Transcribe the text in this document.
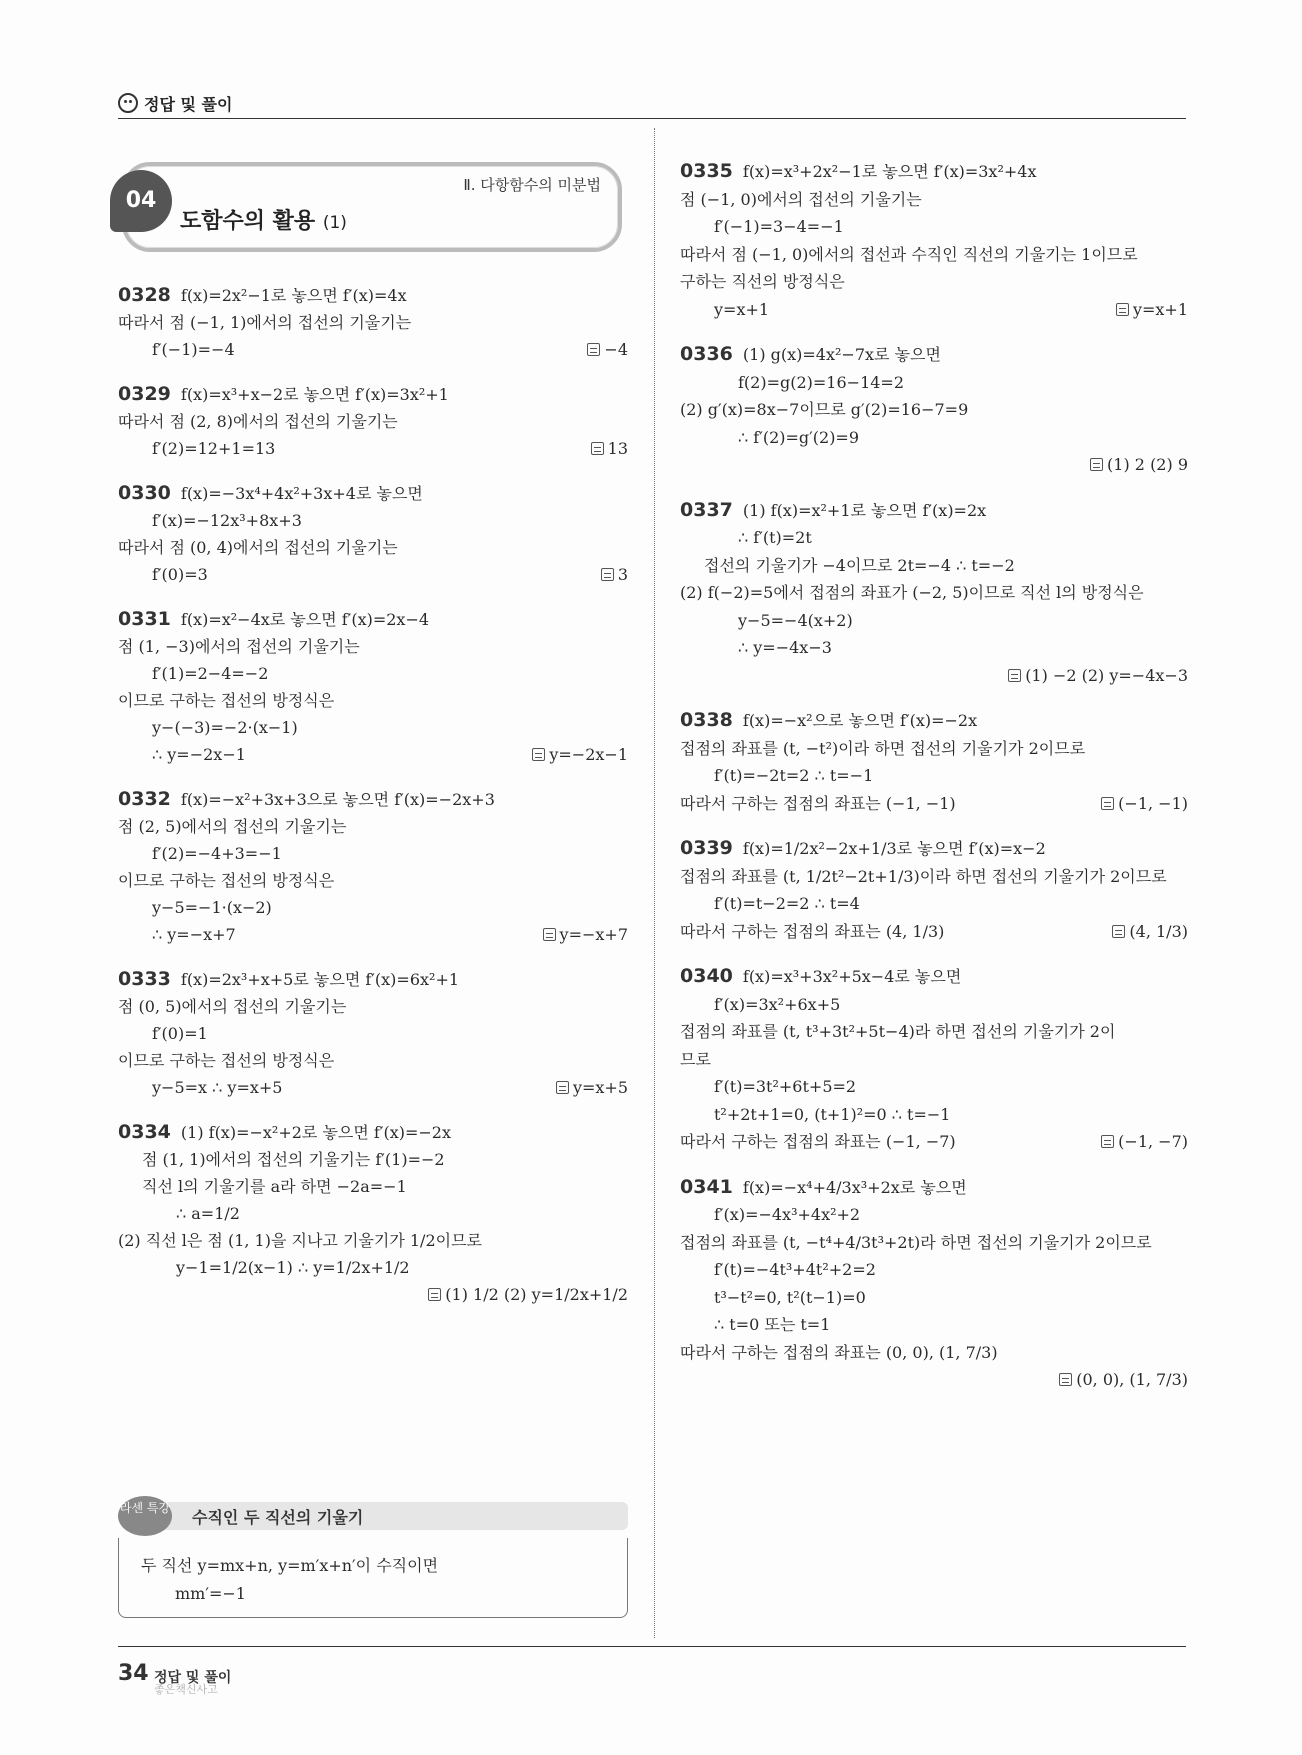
정답 및 풀이
04
Ⅱ. 다항함수의 미분법
도함수의 활용 (1)
0328 f(x)=2x²−1로 놓으면 f′(x)=4x
따라서 점 (−1, 1)에서의 접선의 기울기는
f′(−1)=−4	−4
0329 f(x)=x³+x−2로 놓으면 f′(x)=3x²+1
따라서 점 (2, 8)에서의 접선의 기울기는
f′(2)=12+1=13	13
0330 f(x)=−3x⁴+4x²+3x+4로 놓으면
f′(x)=−12x³+8x+3
따라서 점 (0, 4)에서의 접선의 기울기는
f′(0)=3	3
0331 f(x)=x²−4x로 놓으면 f′(x)=2x−4
점 (1, −3)에서의 접선의 기울기는
f′(1)=2−4=−2
이므로 구하는 접선의 방정식은
y−(−3)=−2·(x−1)
∴ y=−2x−1	y=−2x−1
0332 f(x)=−x²+3x+3으로 놓으면 f′(x)=−2x+3
점 (2, 5)에서의 접선의 기울기는
f′(2)=−4+3=−1
이므로 구하는 접선의 방정식은
y−5=−1·(x−2)
∴ y=−x+7	y=−x+7
0333 f(x)=2x³+x+5로 놓으면 f′(x)=6x²+1
점 (0, 5)에서의 접선의 기울기는
f′(0)=1
이므로 구하는 접선의 방정식은
y−5=x ∴ y=x+5	y=x+5
0334 (1) f(x)=−x²+2로 놓으면 f′(x)=−2x
점 (1, 1)에서의 접선의 기울기는 f′(1)=−2
직선 l의 기울기를 a라 하면 −2a=−1
∴ a=1/2
(2) 직선 l은 점 (1, 1)을 지나고 기울기가 1/2이므로
y−1=1/2(x−1) ∴ y=1/2x+1/2

(1) 1/2 (2) y=1/2x+1/2
라센 특강 수직인 두 직선의 기울기
두 직선 y=mx+n, y=m′x+n′이 수직이면
mm′=−1
0335 f(x)=x³+2x²−1로 놓으면 f′(x)=3x²+4x
점 (−1, 0)에서의 접선의 기울기는
f′(−1)=3−4=−1
따라서 점 (−1, 0)에서의 접선과 수직인 직선의 기울기는 1이므로
구하는 직선의 방정식은
y=x+1	y=x+1
0336 (1) g(x)=4x²−7x로 놓으면
f(2)=g(2)=16−14=2
(2) g′(x)=8x−7이므로 g′(2)=16−7=9
∴ f′(2)=g′(2)=9

(1) 2 (2) 9
0337 (1) f(x)=x²+1로 놓으면 f′(x)=2x
∴ f′(t)=2t
접선의 기울기가 −4이므로 2t=−4 ∴ t=−2
(2) f(−2)=5에서 접점의 좌표가 (−2, 5)이므로 직선 l의 방정식은
y−5=−4(x+2)
∴ y=−4x−3

(1) −2 (2) y=−4x−3
0338 f(x)=−x²으로 놓으면 f′(x)=−2x
접점의 좌표를 (t, −t²)이라 하면 접선의 기울기가 2이므로
f′(t)=−2t=2 ∴ t=−1
따라서 구하는 접점의 좌표는 (−1, −1)	(−1, −1)
0339 f(x)=1/2x²−2x+1/3로 놓으면 f′(x)=x−2
접점의 좌표를 (t, 1/2t²−2t+1/3)이라 하면 접선의 기울기가 2이므로
f′(t)=t−2=2 ∴ t=4
따라서 구하는 접점의 좌표는 (4, 1/3)	(4, 1/3)
0340 f(x)=x³+3x²+5x−4로 놓으면
f′(x)=3x²+6x+5
접점의 좌표를 (t, t³+3t²+5t−4)라 하면 접선의 기울기가 2이
므로
f′(t)=3t²+6t+5=2
t²+2t+1=0, (t+1)²=0 ∴ t=−1
따라서 구하는 접점의 좌표는 (−1, −7)	(−1, −7)
0341 f(x)=−x⁴+4/3x³+2x로 놓으면
f′(x)=−4x³+4x²+2
접점의 좌표를 (t, −t⁴+4/3t³+2t)라 하면 접선의 기울기가 2이므로
f′(t)=−4t³+4t²+2=2
t³−t²=0, t²(t−1)=0
∴ t=0 또는 t=1
따라서 구하는 접점의 좌표는 (0, 0), (1, 7/3)

(0, 0), (1, 7/3)
34 정답 및 풀이
좋은책신사고
